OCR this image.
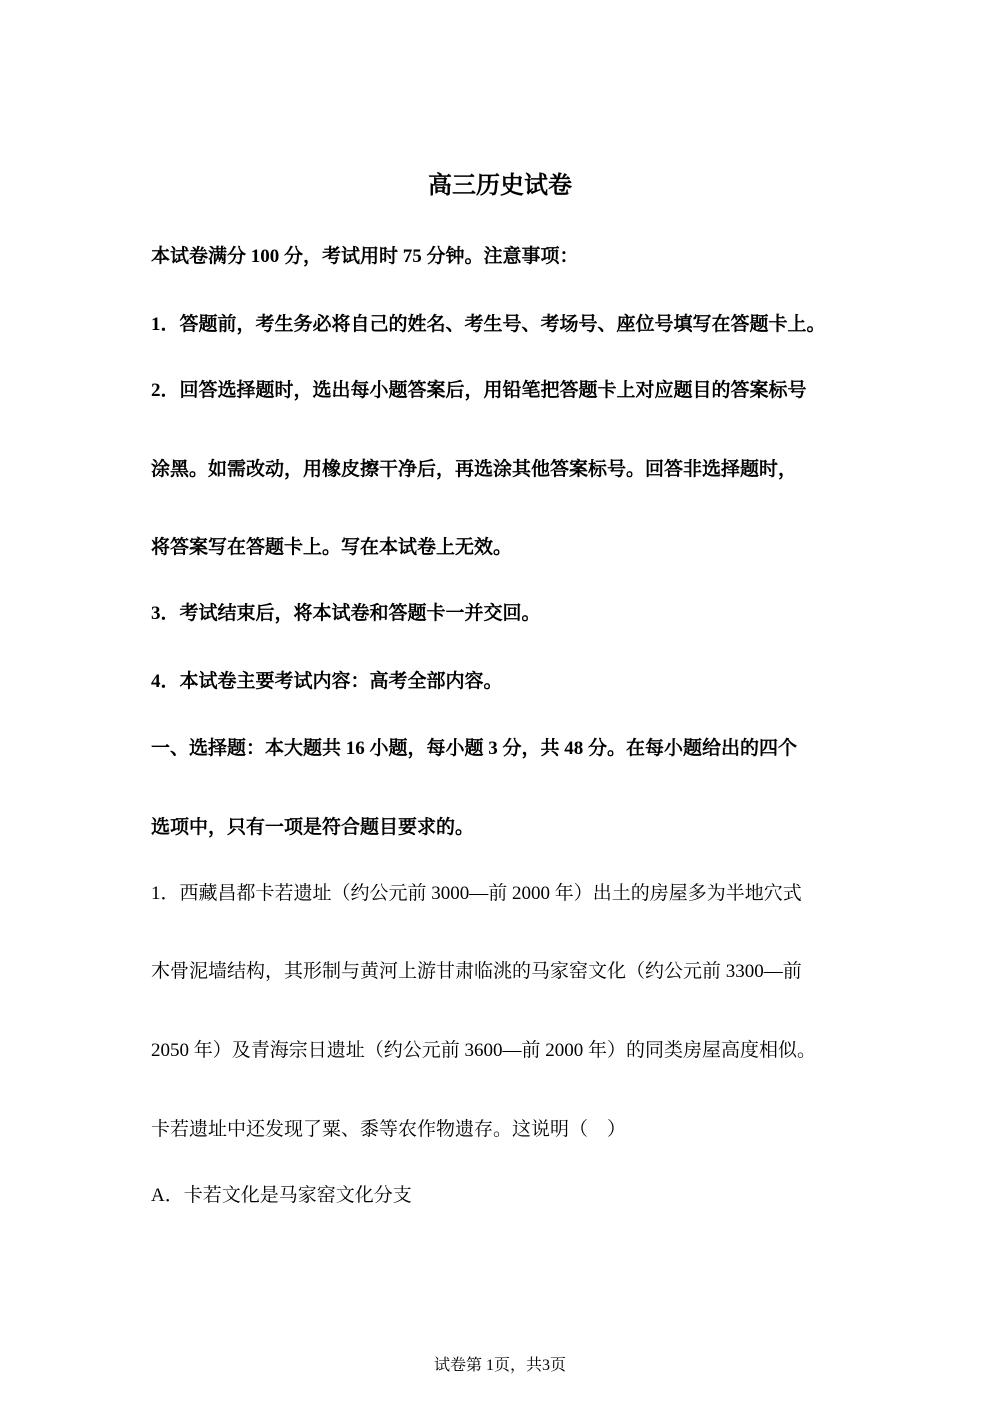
高三历史试卷
本试卷满分 100 分，考试用时 75 分钟。注意事项：
1．答题前，考生务必将自己的姓名、考生号、考场号、座位号填写在答题卡上。
2．回答选择题时，选出每小题答案后，用铅笔把答题卡上对应题目的答案标号
涂黑。如需改动，用橡皮擦干净后，再选涂其他答案标号。回答非选择题时，
将答案写在答题卡上。写在本试卷上无效。
3．考试结束后，将本试卷和答题卡一并交回。
4．本试卷主要考试内容：高考全部内容。
一、选择题：本大题共 16 小题，每小题 3 分，共 48 分。在每小题给出的四个
选项中，只有一项是符合题目要求的。
1．西藏昌都卡若遗址（约公元前 3000—前 2000 年）出土的房屋多为半地穴式
木骨泥墙结构，其形制与黄河上游甘肃临洮的马家窑文化（约公元前 3300—前
2050 年）及青海宗日遗址（约公元前 3600—前 2000 年）的同类房屋高度相似。
卡若遗址中还发现了粟、黍等农作物遗存。这说明（　）
A．卡若文化是马家窑文化分支
试卷第 1页，共3页
